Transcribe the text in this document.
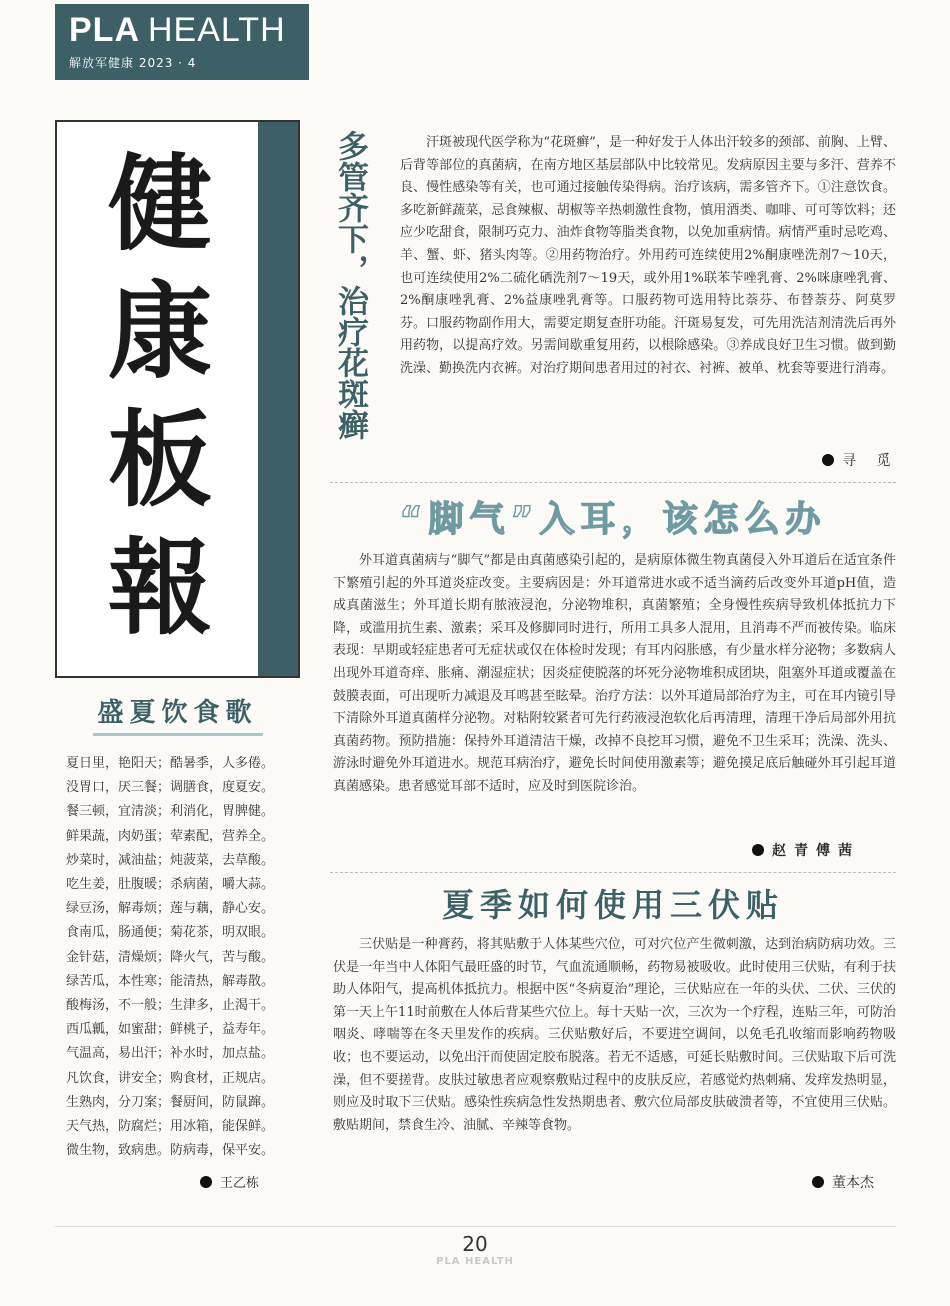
PLA HEALTH
解放军健康 2023 · 4
健
康
板
報
责任编辑/王海平栏头题字/广 庆
盛夏饮食歌
夏日里，艳阳天；酷暑季，人多倦。
没胃口，厌三餐；调膳食，度夏安。
餐三顿，宜清淡；利消化，胃脾健。
鲜果蔬，肉奶蛋；荤素配，营养全。
炒菜时，减油盐；炖菠菜，去草酸。
吃生姜，肚腹暖；杀病菌，嚼大蒜。
绿豆汤，解毒烦；莲与藕，静心安。
食南瓜，肠通便；菊花茶，明双眼。
金针菇，清燥烦；降火气，苦与酸。
绿苦瓜，本性寒；能清热，解毒散。
酸梅汤，不一般；生津多，止渴干。
西瓜瓤，如蜜甜；鲜桃子，益寿年。
气温高，易出汗；补水时，加点盐。
凡饮食，讲安全；购食材，正规店。
生熟肉，分刀案；餐厨间，防鼠蹿。
天气热，防腐烂；用冰箱，能保鲜。
微生物，致病患。防病毒，保平安。
王乙栋
多管齐下，治疗花斑癣	汗斑被现代医学称为“花斑癣”，是一种好发于人体出汗较多的颈部、前胸、上臂、后背等部位的真菌病，在南方地区基层部队中比较常见。发病原因主要与多汗、营养不良、慢性感染等有关，也可通过接触传染得病。治疗该病，需多管齐下。①注意饮食。多吃新鲜蔬菜，忌食辣椒、胡椒等辛热刺激性食物，慎用酒类、咖啡、可可等饮料；还应少吃甜食，限制巧克力、油炸食物等脂类食物，以免加重病情。病情严重时忌吃鸡、羊、蟹、虾、猪头肉等。②用药物治疗。外用药可连续使用2%酮康唑洗剂7～10天，也可连续使用2%二硫化硒洗剂7～19天，或外用1%联苯苄唑乳膏、2%咪康唑乳膏、2%酮康唑乳膏、2%益康唑乳膏等。口服药物可选用特比萘芬、布替萘芬、阿莫罗芬。口服药物副作用大，需要定期复查肝功能。汗斑易复发，可先用洗洁剂清洗后再外用药物，以提高疗效。另需间歇重复用药，以根除感染。③养成良好卫生习惯。做到勤洗澡、勤换洗内衣裤。对治疗期间患者用过的衬衣、衬裤、被单、枕套等要进行消毒。

寻 觅
“脚气”入耳，该怎么办

外耳道真菌病与“脚气”都是由真菌感染引起的，是病原体微生物真菌侵入外耳道后在适宜条件下繁殖引起的外耳道炎症改变。主要病因是：外耳道常进水或不适当滴药后改变外耳道pH值，造成真菌滋生；外耳道长期有脓液浸泡，分泌物堆积，真菌繁殖；全身慢性疾病导致机体抵抗力下降，或滥用抗生素、激素；采耳及修脚同时进行，所用工具多人混用，且消毒不严而被传染。临床表现：早期或轻症患者可无症状或仅在体检时发现；有耳内闷胀感，有少量水样分泌物；多数病人出现外耳道奇痒、胀痛、潮湿症状；因炎症使脱落的坏死分泌物堆积成团块，阻塞外耳道或覆盖在鼓膜表面，可出现听力减退及耳鸣甚至眩晕。治疗方法：以外耳道局部治疗为主，可在耳内镜引导下清除外耳道真菌样分泌物。对粘附较紧者可先行药液浸泡软化后再清理，清理干净后局部外用抗真菌药物。预防措施：保持外耳道清洁干燥，改掉不良挖耳习惯，避免不卫生采耳；洗澡、洗头、游泳时避免外耳道进水。规范耳病治疗，避免长时间使用激素等；避免摸足底后触碰外耳引起耳道真菌感染。患者感觉耳部不适时，应及时到医院诊治。

赵青傅茜
夏季如何使用三伏贴

三伏贴是一种膏药，将其贴敷于人体某些穴位，可对穴位产生微刺激，达到治病防病功效。三伏是一年当中人体阳气最旺盛的时节，气血流通顺畅，药物易被吸收。此时使用三伏贴，有利于扶助人体阳气，提高机体抵抗力。根据中医“冬病夏治”理论，三伏贴应在一年的头伏、二伏、三伏的第一天上午11时前敷在人体后背某些穴位上。每十天贴一次，三次为一个疗程，连贴三年，可防治咽炎、哮喘等在冬天里发作的疾病。三伏贴敷好后，不要进空调间，以免毛孔收缩而影响药物吸收；也不要运动，以免出汗而使固定胶布脱落。若无不适感，可延长贴敷时间。三伏贴取下后可洗澡，但不要搓背。皮肤过敏患者应观察敷贴过程中的皮肤反应，若感觉灼热刺痛、发痒发热明显，则应及时取下三伏贴。感染性疾病急性发热期患者、敷穴位局部皮肤破溃者等，不宜使用三伏贴。敷贴期间，禁食生冷、油腻、辛辣等食物。

董本杰
20
PLA HEALTH
